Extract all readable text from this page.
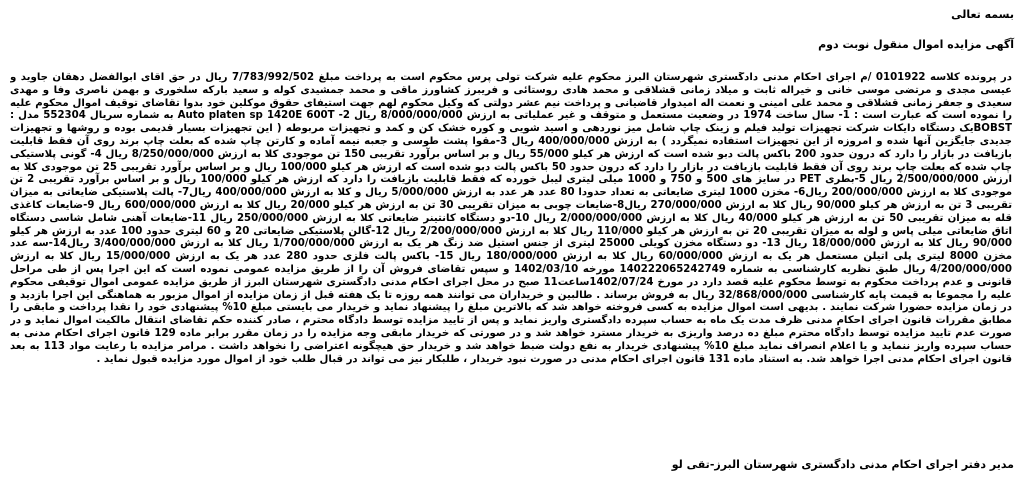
بسمه تعالی
آگهی مزایده اموال منقول نوبت دوم
در پرونده کلاسه 0101922 /م اجرای احکام مدنی دادگستری شهرستان البرز محکوم علیه شرکت تولی پرس محکوم است به پرداخت مبلغ 7/783/992/502 ریال در حق آقای ابوالفضل دهقان جاوید و عیسی مجدی و مرتضی موسی خانی و خیراله ثابت و میلاد زمانی قشلاقی و محمد هادی روستائی و فریبرز کشاورز ماقی و محمد جمشیدی کوله و سعید بارکه سلخوری و بهمن ناصری وفا و مهدی سعیدی و جعفر زمانی قشلاقی و محمد علی امینی و نعمت اله امیدوار قاضیانی و پرداخت نیم عشر دولتی که وکیل محکوم لهم جهت استیفای حقوق موکلین خود بدوا تقاضای توقیف اموال محکوم علیه را نموده است که عبارت است : 1- سال ساخت 1974 در وضعیت مستعمل و متوقف و غیر عملیاتی به ارزش 8/000/000/000 ریال 2- Auto platen sp 1420E 600T به شماره سریال 552304 مدل : BOBSTیک دستگاه دایکات شرکت تجهیزات تولید فیلم و زینک چاپ شامل میز نوردهی و اسید شویی و کوره خشک کن و کمد و تجهیزات مربوطه ( این تجهیزات بسیار قدیمی بوده و روشها و تجهیزات جدیدی جایگزین آنها شده و امروزه از این تجهیزات استفاده نمیگردد ) به ارزش 400/000/000 ریال 3-مقوا پشت طوسی و جعبه نیمه آماده و کارتن چاپ شده که بعلت چاپ برند روی آن فقط قابلیت بازیافت در بازار را دارد که درون حدود 200 باکس پالت دبو شده است که ارزش هر کیلو 55/000 ریال و بر اساس برآورد تقریبی 150 تن موجودی کلا به ارزش 8/250/000/000 ریال 4- گونی پلاستیکی چاپ شده که بعلت چاپ برند روی آن فقط قابلیت بازیافت در بازار را دارد که درون حدود 50 باکس پالت دبو شده است که ارزش هر کیلو 100/000 ریال و بر اساس برآورد تقریبی 25 تن موجودی کلا به ارزش 2/500/000/000 ریال 5-بطری PET در سایز های 500 و 750 و 1000 میلی لیتری لیبل خورده که فقط قابلیت بازیافت را دارد که ارزش هر کیلو 100/000 ریال و بر اساس برآورد تقریبی 2 تن موجودی کلا به ارزش 200/000/000 ریال6- مخزن 1000 لیتری ضایعاتی به تعداد حدودا 80 عدد هر عدد به ارزش 5/000/000 ریال و کلا به ارزش 400/000/000 ریال7- پالت پلاستیکی ضایعاتی به میزان تقریبی 3 تن به ارزش هر کیلو 90/000 ریال کلا به ارزش 270/000/000 ریال8-ضایعات چوبی به میزان تقریبی 30 تن به ارزش هر کیلو 20/000 ریال کلا به ارزش 600/000/000 ریال 9-ضایعات کاغذی قله به میزان تقریبی 50 تن به ارزش هر کیلو 40/000 ریال کلا به ارزش 2/000/000/000 ریال 10-دو دستگاه کانتینر ضایعاتی کلا به ارزش 250/000/000 ریال 11-ضایعات آهنی شامل شاسی دستگاه اتاق ضایعاتی میلی پاس و لوله به میزان تقریبی 20 تن به ارزش هر کیلو 110/000 ریال کلا به ارزش 2/200/000/000 ریال 12-گالن پلاستیکی ضایعاتی 20 و 60 لیتری حدود 100 عدد به ارزش هر کیلو 90/000 ریال کلا به ارزش 18/000/000 ریال 13- دو دستگاه مخزن کویلی 25000 لیتری از جنس استیل ضد زنگ هر یک به ارزش 1/700/000/000 ریال کلا به ارزش 3/400/000/000 ریال14-سه عدد مخزن 8000 لیتری پلی اتیلن مستعمل هر یک به ارزش 60/000/000 ریال کلا به ارزش 180/000/000 ریال 15- باکس پالت فلزی حدود 280 عدد هر یک به ارزش 15/000/000 ریال کلا به ارزش 4/200/000/000 ریال طبق نظریه کارشناسی به شماره 140222065242749 مورخه 1402/03/10 و سپس تقاضای فروش آن را از طریق مزایده عمومی نموده است که این اجرا پس از طی مراحل قانونی و عدم پرداخت محکوم به توسط محکوم علیه قصد دارد در مورخ 1402/07/24ساعت11 صبح در محل اجرای احکام مدنی دادگستری شهرستان البرز از طریق مزایده عمومی اموال توقیفی محکوم علیه را مجموعا به قیمت پایه کارشناسی 32/868/000/000 ریال به فروش برساند . طالبین و خریداران می توانند همه روزه تا یک هفته قبل از زمان مزایده از اموال مزبور به هماهنگی این اجرا بازدید و در زمان مزایده حضورا شرکت نمایند . بدیهی است اموال مزایده به کسی فروخته خواهد شد که بالاترین مبلغ را پیشنهاد نماید و خریدار می بایستی مبلغ 10% پیشنهادی خود را نقدا پرداخت و مابقی را مطابق مقررات قانون اجرای احکام مدنی ظرف مدت یک ماه به حساب سپرده دادگستری واریز نماید و پس از تایید مزایده توسط دادگاه محترم ، صادر کننده حکم تقاضای انتقال مالکیت اموال نماید و در صورت عدم تایید مزایده توسط دادگاه محترم مبلغ ده درصد واریزی به خریدار مسترد خواهد شد و در صورتی که خریدار مابقی وجه مزایده را در زمان مقرر برابر ماده 129 قانون اجرای احکام مدنی به حساب سپرده واریز ننماید و یا اعلام انصراف نماید مبلغ 10% پیشنهادی خریدار به نفع دولت ضبط خواهد شد و خریدار حق هیچگونه اعتراضی را نخواهد داشت . مرامر مزایده با رعایت مواد 113 به بعد قانون اجرای احکام مدنی اجرا خواهد شد. به استناد ماده 131 قانون اجرای احکام مدنی در صورت نبود خریدار ، طلبکار نیز می تواند در قبال طلب خود از اموال مورد مزایده قبول نماید .
مدیر دفتر اجرای احکام مدنی دادگستری شهرستان البرز-تقی لو
